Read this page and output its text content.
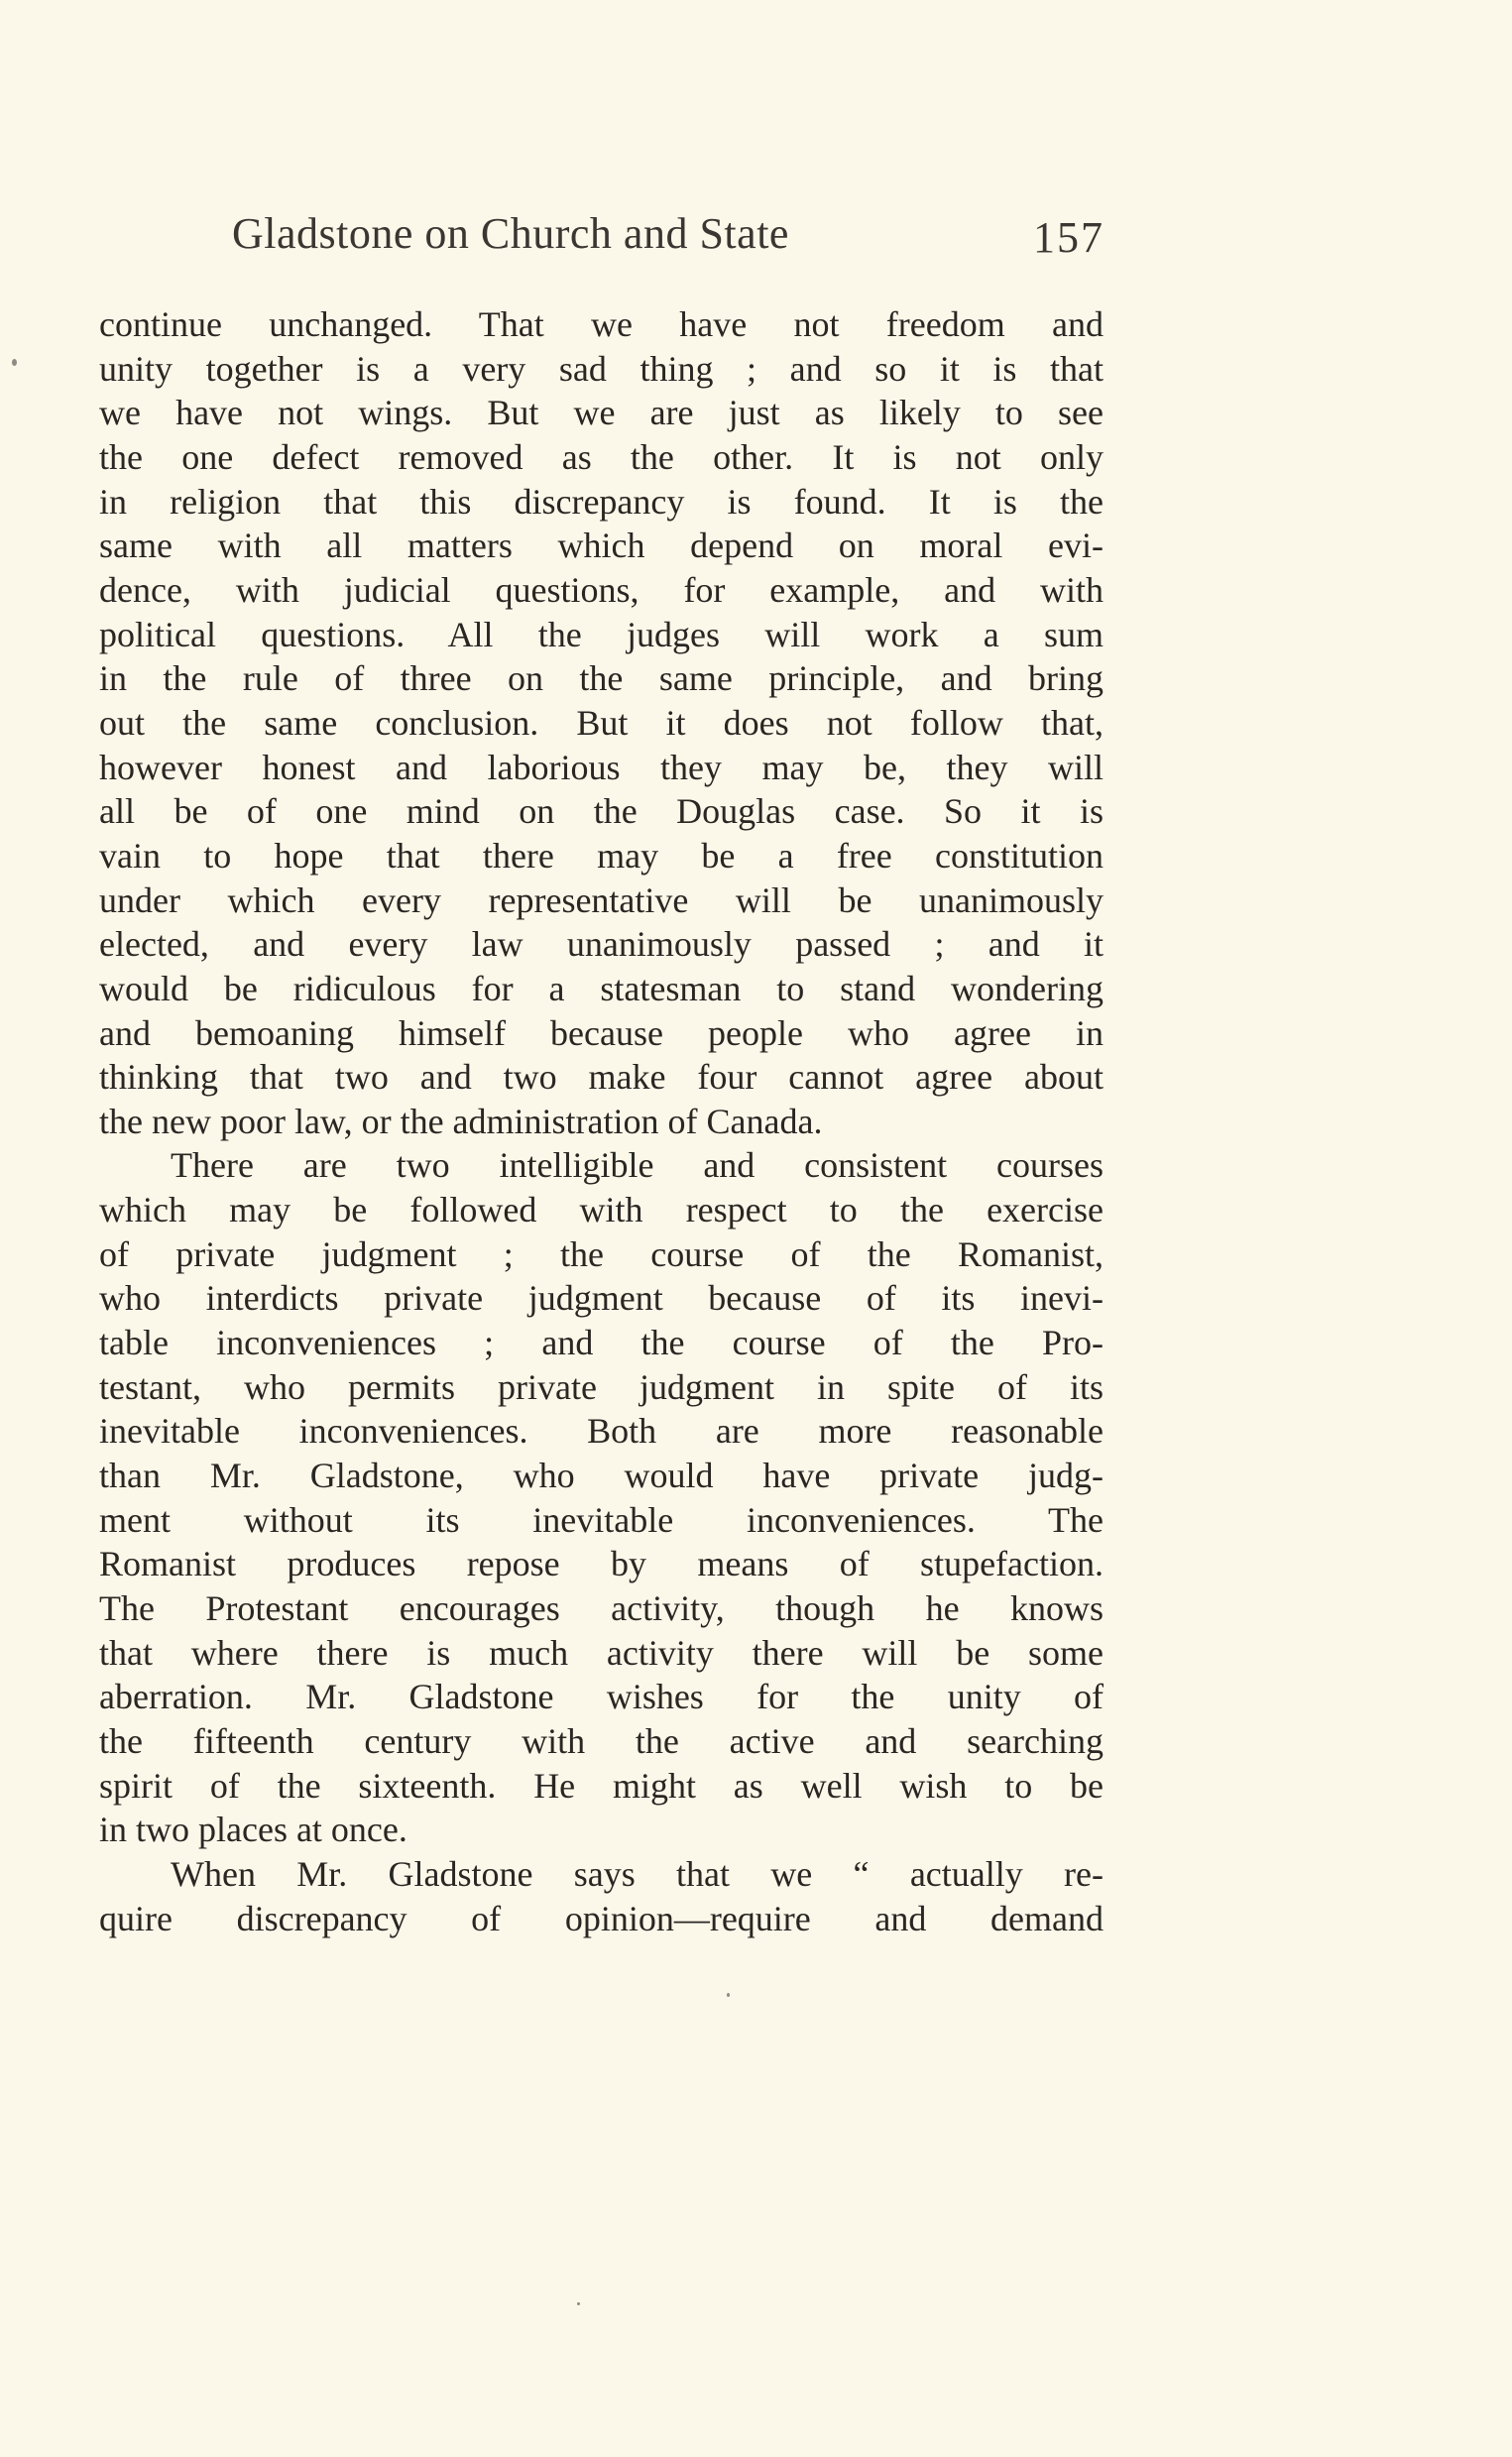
Gladstone on Church and State	157
continue unchanged. That we have not freedom and
unity together is a very sad thing ; and so it is that
we have not wings. But we are just as likely to see
the one defect removed as the other. It is not only
in religion that this discrepancy is found. It is the
same with all matters which depend on moral evi-
dence, with judicial questions, for example, and with
political questions. All the judges will work a sum
in the rule of three on the same principle, and bring
out the same conclusion. But it does not follow that,
however honest and laborious they may be, they will
all be of one mind on the Douglas case. So it is
vain to hope that there may be a free constitution
under which every representative will be unanimously
elected, and every law unanimously passed ; and it
would be ridiculous for a statesman to stand wondering
and bemoaning himself because people who agree in
thinking that two and two make four cannot agree about
the new poor law, or the administration of Canada.
There are two intelligible and consistent courses
which may be followed with respect to the exercise
of private judgment ; the course of the Romanist,
who interdicts private judgment because of its inevi-
table inconveniences ; and the course of the Pro-
testant, who permits private judgment in spite of its
inevitable inconveniences. Both are more reasonable
than Mr. Gladstone, who would have private judg-
ment without its inevitable inconveniences. The
Romanist produces repose by means of stupefaction.
The Protestant encourages activity, though he knows
that where there is much activity there will be some
aberration. Mr. Gladstone wishes for the unity of
the fifteenth century with the active and searching
spirit of the sixteenth. He might as well wish to be
in two places at once.
When Mr. Gladstone says that we “ actually re-
quire discrepancy of opinion—require and demand
